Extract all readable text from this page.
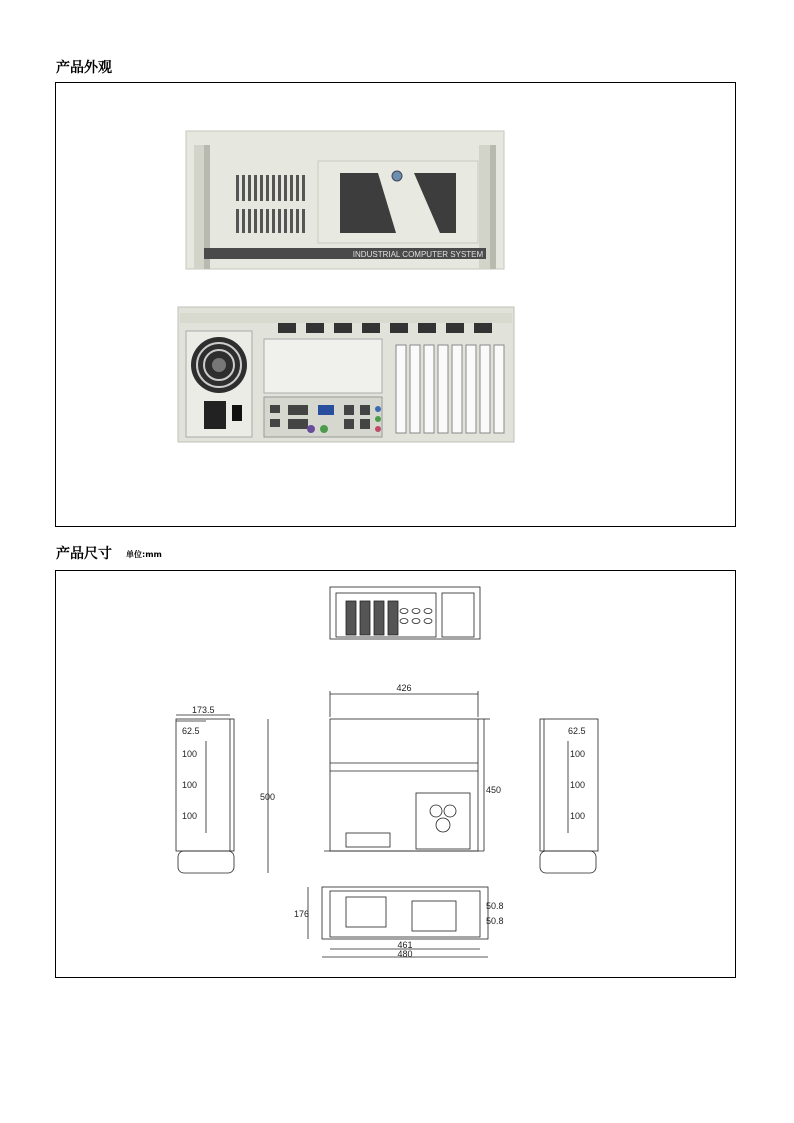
产品外观
INDUSTRIAL COMPUTER SYSTEM
产品尺寸 单位:mm
426
450
173.5
62.5
100
100
100
500
62.5
100
100
100
176
50.8
50.8
461
480
